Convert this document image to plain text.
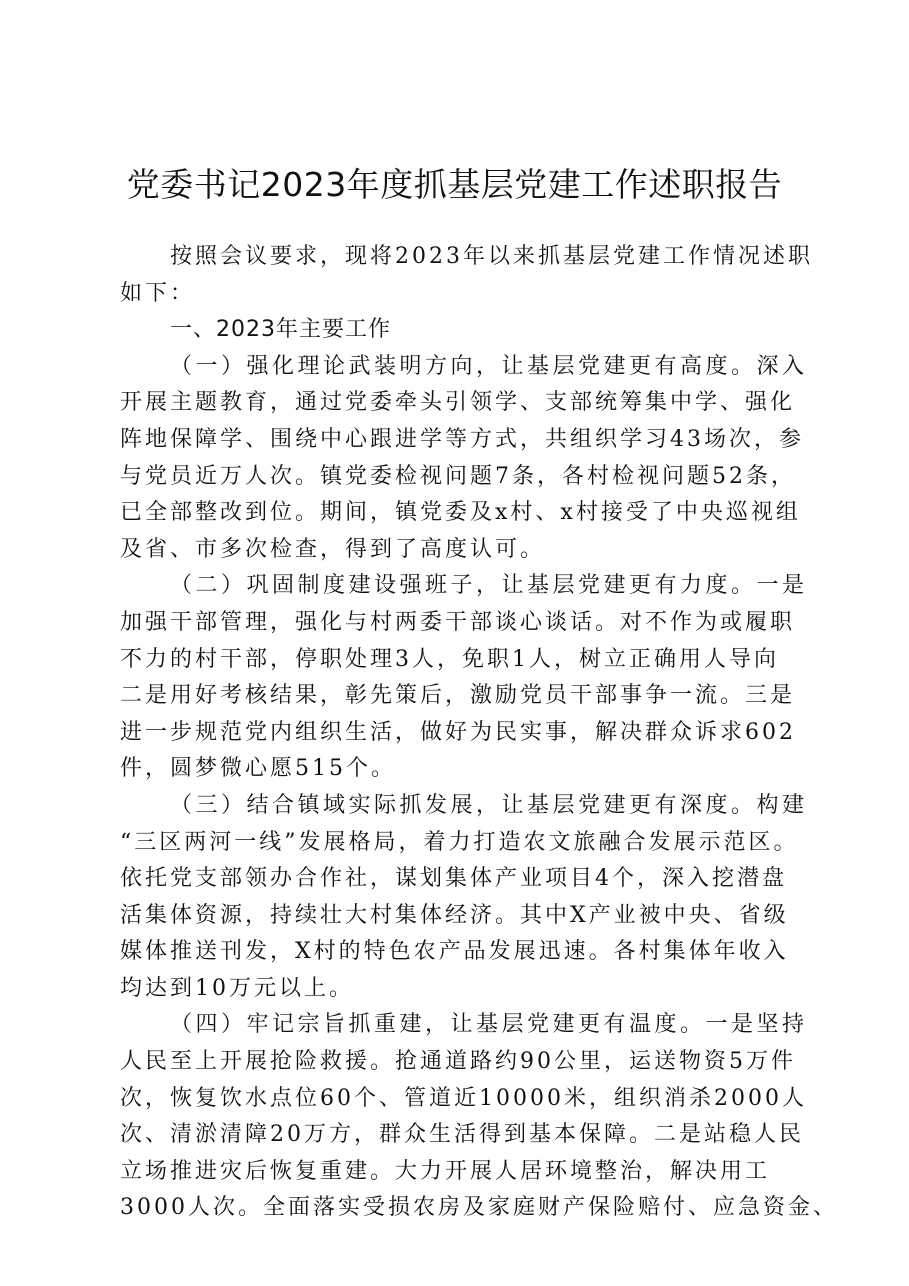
党委书记2023年度抓基层党建工作述职报告
按照会议要求，现将2023年以来抓基层党建工作情况述职
如下：
一、2023年主要工作
（一）强化理论武装明方向，让基层党建更有高度。深入
开展主题教育，通过党委牵头引领学、支部统筹集中学、强化
阵地保障学、围绕中心跟进学等方式，共组织学习43场次，参
与党员近万人次。镇党委检视问题7条，各村检视问题52条，
已全部整改到位。期间，镇党委及x村、x村接受了中央巡视组
及省、市多次检查，得到了高度认可。
（二）巩固制度建设强班子，让基层党建更有力度。一是
加强干部管理，强化与村两委干部谈心谈话。对不作为或履职
不力的村干部，停职处理3人，免职1人，树立正确用人导向
二是用好考核结果，彰先策后，激励党员干部事争一流。三是
进一步规范党内组织生活，做好为民实事，解决群众诉求602
件，圆梦微心愿515个。
（三）结合镇域实际抓发展，让基层党建更有深度。构建
“三区两河一线”发展格局，着力打造农文旅融合发展示范区。
依托党支部领办合作社，谋划集体产业项目4个，深入挖潜盘
活集体资源，持续壮大村集体经济。其中X产业被中央、省级
媒体推送刊发，X村的特色农产品发展迅速。各村集体年收入
均达到10万元以上。
（四）牢记宗旨抓重建，让基层党建更有温度。一是坚持
人民至上开展抢险救援。抢通道路约90公里，运送物资5万件
次，恢复饮水点位60个、管道近10000米，组织消杀2000人
次、清淤清障20万方，群众生活得到基本保障。二是站稳人民
立场推进灾后恢复重建。大力开展人居环境整治，解决用工
3000人次。全面落实受损农房及家庭财产保险赔付、应急资金、
